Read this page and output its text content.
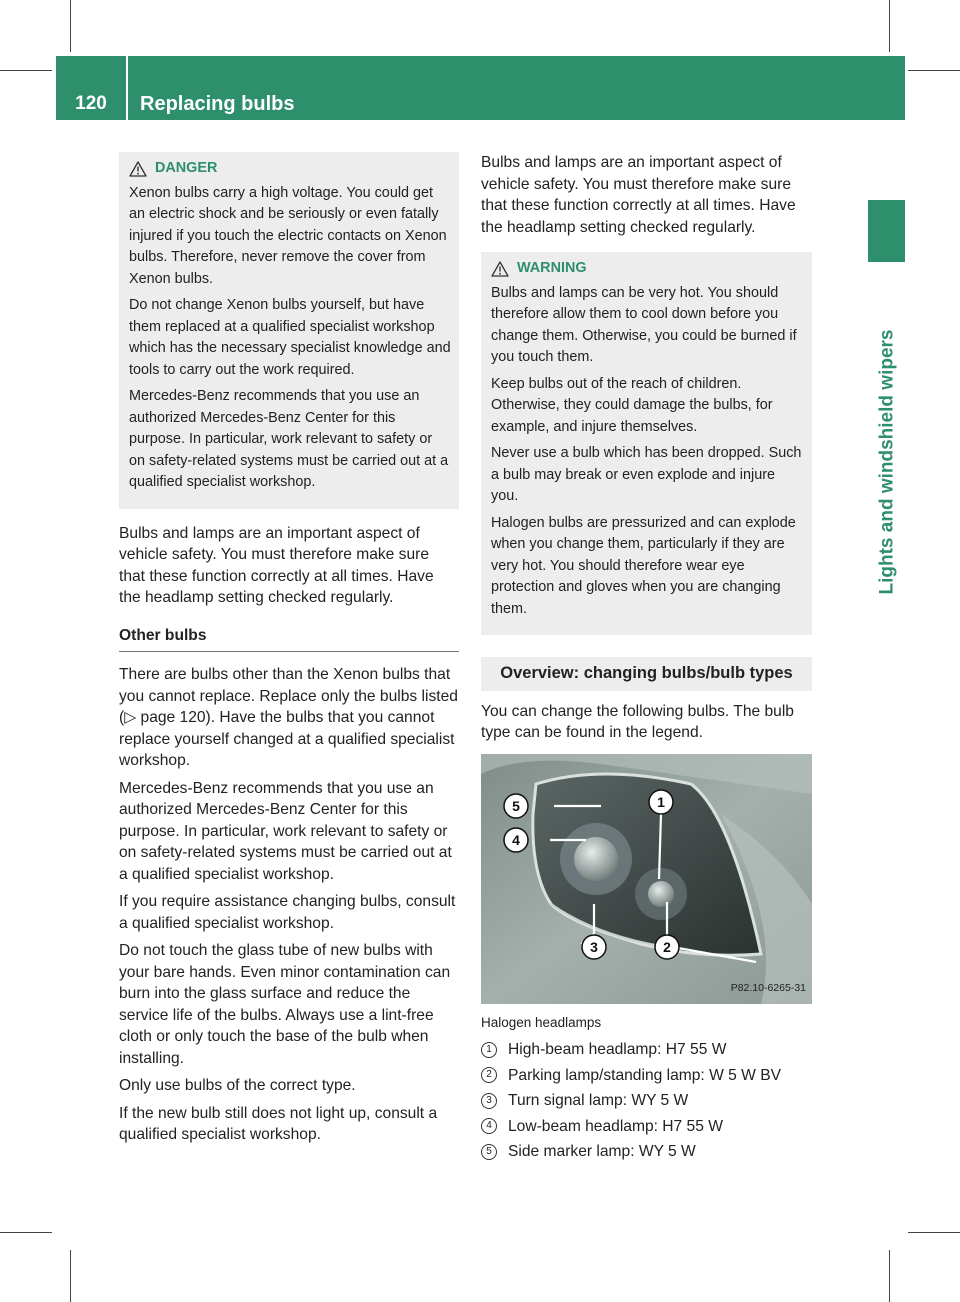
120	Replacing bulbs
Lights and windshield wipers
DANGER

Xenon bulbs carry a high voltage. You could get an electric shock and be seriously or even fatally injured if you touch the electric contacts on Xenon bulbs. Therefore, never remove the cover from Xenon bulbs.

Do not change Xenon bulbs yourself, but have them replaced at a qualified specialist workshop which has the necessary specialist knowledge and tools to carry out the work required.

Mercedes-Benz recommends that you use an authorized Mercedes-Benz Center for this purpose. In particular, work relevant to safety or on safety-related systems must be carried out at a qualified specialist workshop.

Bulbs and lamps are an important aspect of vehicle safety. You must therefore make sure that these function correctly at all times. Have the headlamp setting checked regularly.

Other bulbs

There are bulbs other than the Xenon bulbs that you cannot replace. Replace only the bulbs listed (▷ page 120). Have the bulbs that you cannot replace yourself changed at a qualified specialist workshop.

Mercedes-Benz recommends that you use an authorized Mercedes-Benz Center for this purpose. In particular, work relevant to safety or on safety-related systems must be carried out at a qualified specialist workshop.

If you require assistance changing bulbs, consult a qualified specialist workshop.

Do not touch the glass tube of new bulbs with your bare hands. Even minor contamination can burn into the glass surface and reduce the service life of the bulbs. Always use a lint-free cloth or only touch the base of the bulb when installing.

Only use bulbs of the correct type.

If the new bulb still does not light up, consult a qualified specialist workshop.

Bulbs and lamps are an important aspect of vehicle safety. You must therefore make sure that these function correctly at all times. Have the headlamp setting checked regularly.

WARNING

Bulbs and lamps can be very hot. You should therefore allow them to cool down before you change them. Otherwise, you could be burned if you touch them.

Keep bulbs out of the reach of children. Otherwise, they could damage the bulbs, for example, and injure themselves.

Never use a bulb which has been dropped. Such a bulb may break or even explode and injure you.

Halogen bulbs are pressurized and can explode when you change them, particularly if they are very hot. You should therefore wear eye protection and gloves when you are changing them.

Overview: changing bulbs/bulb types

You can change the following bulbs. The bulb type can be found in the legend.

1
5
4
3	2
P82.10-6265-31
Halogen headlamps
1	High-beam headlamp: H7 55 W
2	Parking lamp/standing lamp: W 5 W BV
3	Turn signal lamp: WY 5 W
4	Low-beam headlamp: H7 55 W
5	Side marker lamp: WY 5 W
